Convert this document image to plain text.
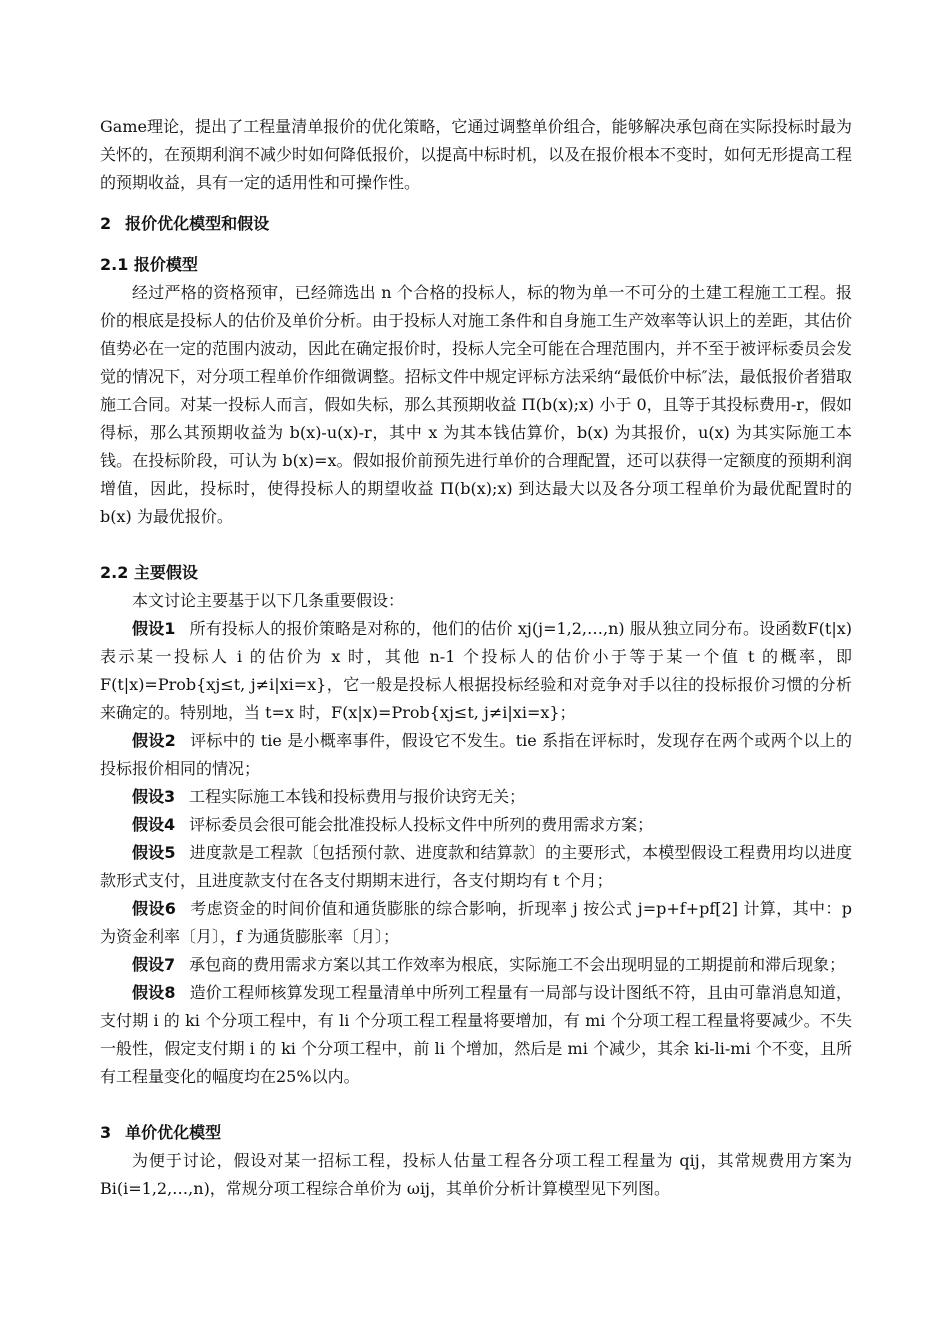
Game理论，提出了工程量清单报价的优化策略，它通过调整单价组合，能够解决承包商在实际投标时最为关怀的，在预期利润不减少时如何降低报价，以提高中标时机，以及在报价根本不变时，如何无形提高工程的预期收益，具有一定的适用性和可操作性。

2 报价优化模型和假设
2.1 报价模型

经过严格的资格预审，已经筛选出 n 个合格的投标人，标的物为单一不可分的土建工程施工工程。报价的根底是投标人的估价及单价分析。由于投标人对施工条件和自身施工生产效率等认识上的差距，其估价值势必在一定的范围内波动，因此在确定报价时，投标人完全可能在合理范围内，并不至于被评标委员会发觉的情况下，对分项工程单价作细微调整。招标文件中规定评标方法采纳“最低价中标″法，最低报价者猎取施工合同。对某一投标人而言，假如失标，那么其预期收益 Π(b(x);x) 小于 0，且等于其投标费用-r，假如得标，那么其预期收益为 b(x)-u(x)-r，其中 x 为其本钱估算价，b(x) 为其报价，u(x) 为其实际施工本钱。在投标阶段，可认为 b(x)=x。假如报价前预先进行单价的合理配置，还可以获得一定额度的预期利润增值，因此，投标时，使得投标人的期望收益 Π(b(x);x) 到达最大以及各分项工程单价为最优配置时的 b(x) 为最优报价。

2.2 主要假设

本文讨论主要基于以下几条重要假设：

假设1 所有投标人的报价策略是对称的，他们的估价 xj(j=1,2,…,n) 服从独立同分布。设函数F(t|x)表示某一投标人 i 的估价为 x 时，其他 n-1 个投标人的估价小于等于某一个值 t 的概率，即F(t|x)=Prob{xj≤t, j≠i|xi=x}，它一般是投标人根据投标经验和对竞争对手以往的投标报价习惯的分析来确定的。特别地，当 t=x 时，F(x|x)=Prob{xj≤t, j≠i|xi=x}；

假设2 评标中的 tie 是小概率事件，假设它不发生。tie 系指在评标时，发现存在两个或两个以上的投标报价相同的情况；

假设3 工程实际施工本钱和投标费用与报价诀窍无关；

假设4 评标委员会很可能会批准投标人投标文件中所列的费用需求方案；

假设5 进度款是工程款〔包括预付款、进度款和结算款〕的主要形式，本模型假设工程费用均以进度款形式支付，且进度款支付在各支付期期末进行，各支付期均有 t 个月；

假设6 考虑资金的时间价值和通货膨胀的综合影响，折现率 j 按公式 j=p+f+pf[2] 计算，其中：p 为资金利率〔月〕，f 为通货膨胀率〔月〕；

假设7 承包商的费用需求方案以其工作效率为根底，实际施工不会出现明显的工期提前和滞后现象；

假设8 造价工程师核算发现工程量清单中所列工程量有一局部与设计图纸不符，且由可靠消息知道，支付期 i 的 ki 个分项工程中，有 li 个分项工程工程量将要增加，有 mi 个分项工程工程量将要减少。不失一般性，假定支付期 i 的 ki 个分项工程中，前 li 个增加，然后是 mi 个减少，其余 ki-li-mi 个不变，且所有工程量变化的幅度均在25%以内。

3 单价优化模型

为便于讨论，假设对某一招标工程，投标人估量工程各分项工程工程量为 qij，其常规费用方案为Bi(i=1,2,…,n)，常规分项工程综合单价为 ωij，其单价分析计算模型见下列图。
